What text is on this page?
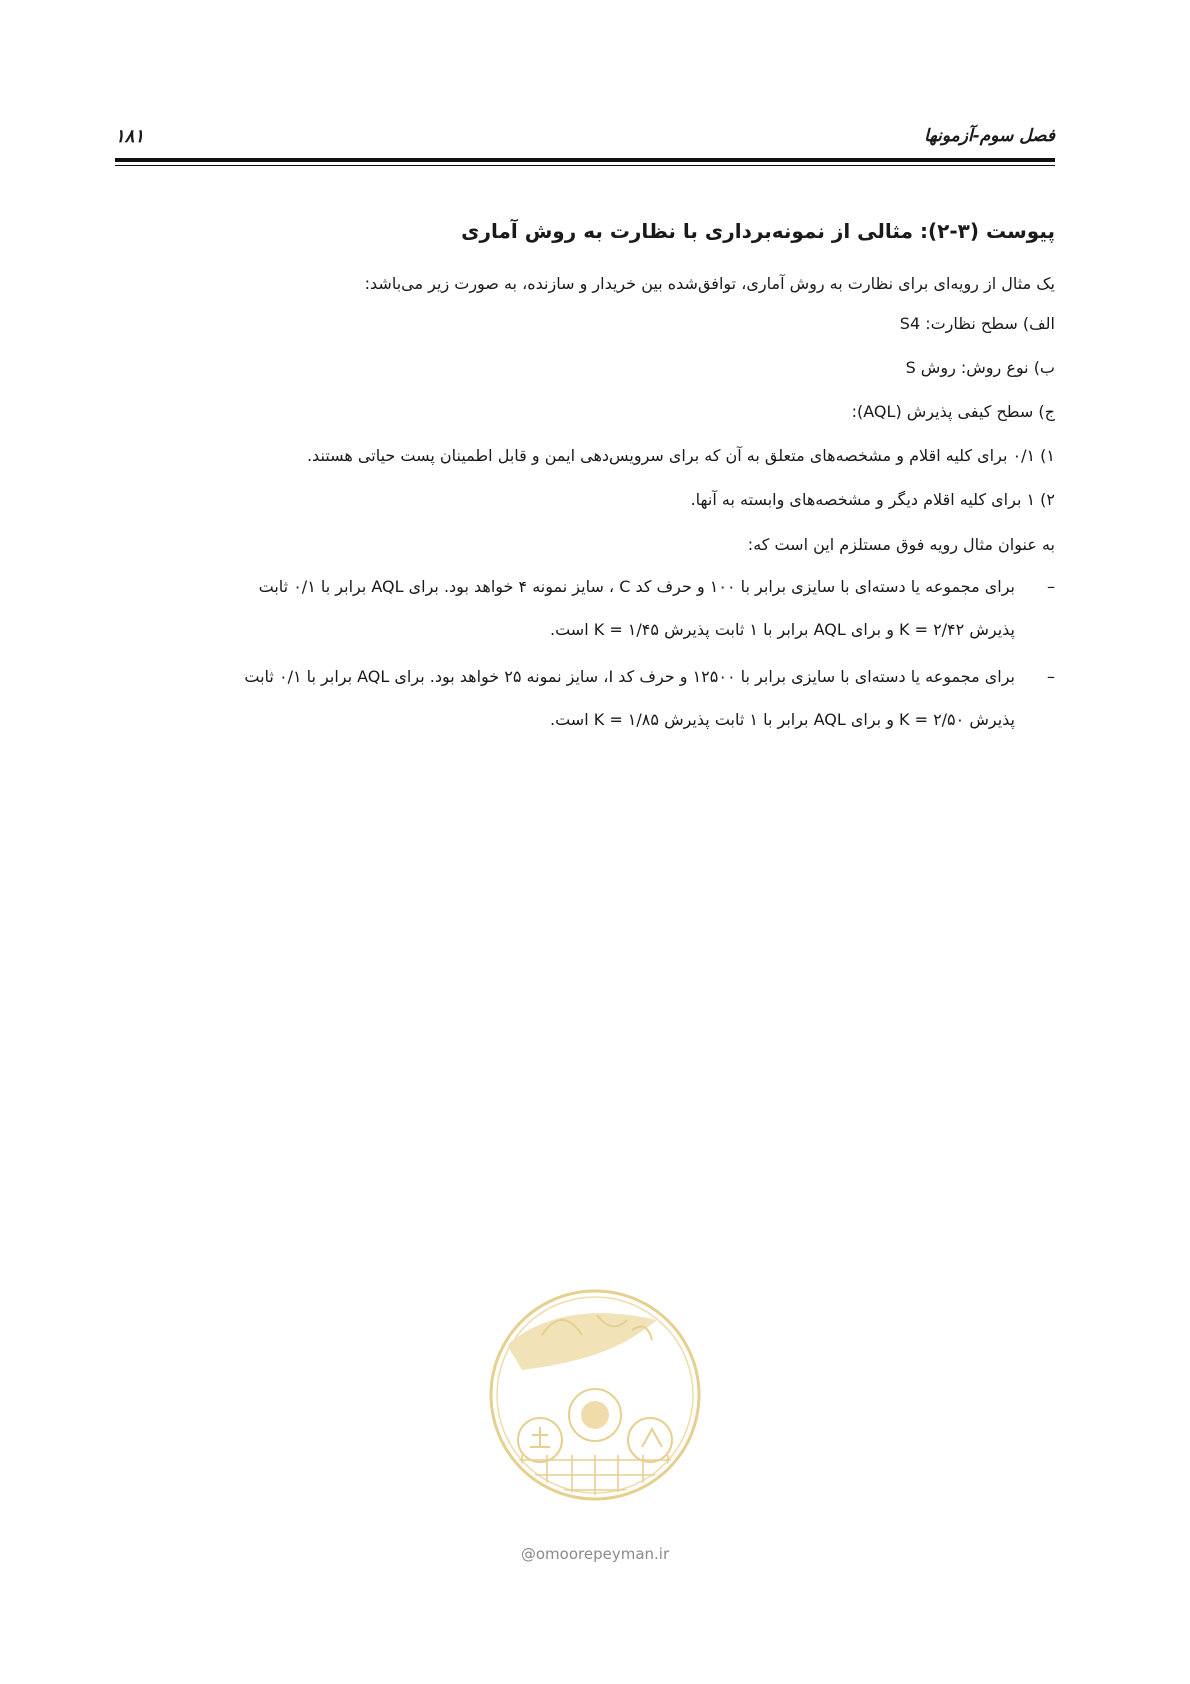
فصل سوم-آزمونها
۱۸۱
پیوست (۳-۲): مثالی از نمونه‌برداری با نظارت به روش آماری
یک مثال از رویه‌ای برای نظارت به روش آماری، توافق‌شده بین خریدار و سازنده، به صورت زیر می‌باشد:
الف) سطح نظارت: S4
ب) نوع روش: روش S
ج) سطح کیفی پذیرش (AQL):
۱) ۰/۱ برای کلیه اقلام و مشخصه‌های متعلق به آن که برای سرویس‌دهی ایمن و قابل اطمینان پست حیاتی هستند.
۲) ۱ برای کلیه اقلام دیگر و مشخصه‌های وابسته به آنها.
به عنوان مثال رویه فوق مستلزم این است که:
–
برای مجموعه یا دسته‌ای با سایزی برابر با ۱۰۰ و حرف کد C ، سایز نمونه ۴ خواهد بود. برای AQL برابر با ۰/۱ ثابت
پذیرش K = ۲/۴۲ و برای AQL برابر با ۱ ثابت پذیرش K = ۱/۴۵ است.
–
برای مجموعه یا دسته‌ای با سایزی برابر با ۱۲۵۰۰ و حرف کد I، سایز نمونه ۲۵ خواهد بود. برای AQL برابر با ۰/۱ ثابت
پذیرش K = ۲/۵۰ و برای AQL برابر با ۱ ثابت پذیرش K = ۱/۸۵ است.
@omoorepeyman.ir
